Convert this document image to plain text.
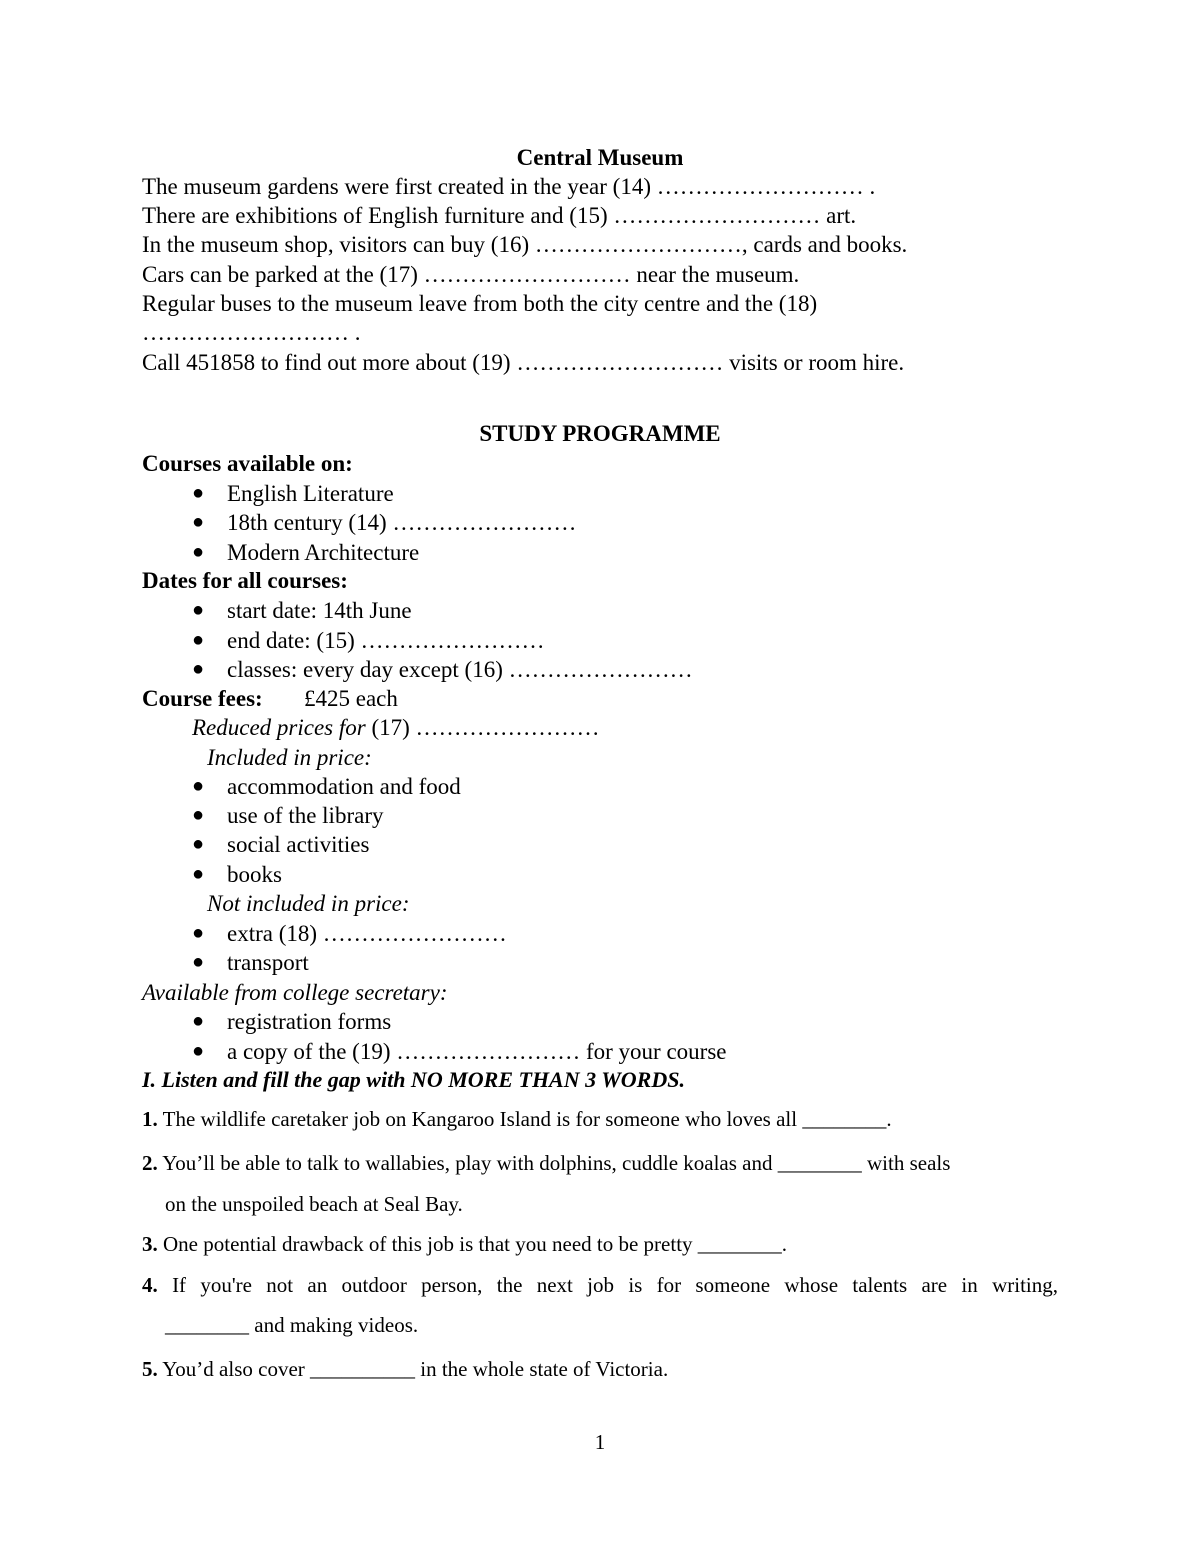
Central Museum
The museum gardens were first created in the year (14) ……………………… .
There are exhibitions of English furniture and (15) ……………………… art.
In the museum shop, visitors can buy (16) ………………………, cards and books.
Cars can be parked at the (17) ……………………… near the museum.
Regular buses to the museum leave from both the city centre and the (18)
……………………… .
Call 451858 to find out more about (19) ……………………… visits or room hire.
STUDY PROGRAMME
Courses available on:
● English Literature
● 18th century (14) ……………………
● Modern Architecture
Dates for all courses:
● start date: 14th June
● end date: (15) ……………………
● classes: every day except (16) ……………………
Course fees: £425 each
Reduced prices for (17) ……………………
Included in price:
● accommodation and food
● use of the library
● social activities
● books
Not included in price:
● extra (18) ……………………
● transport
Available from college secretary:
● registration forms
● a copy of the (19) …………………… for your course
I. Listen and fill the gap with NO MORE THAN 3 WORDS.
1. The wildlife caretaker job on Kangaroo Island is for someone who loves all ________.
2. You’ll be able to talk to wallabies, play with dolphins, cuddle koalas and ________ with seals
on the unspoiled beach at Seal Bay.
3. One potential drawback of this job is that you need to be pretty ________.
4. If you're not an outdoor person, the next job is for someone whose talents are in writing,
________ and making videos.
5. You’d also cover __________ in the whole state of Victoria.
1
